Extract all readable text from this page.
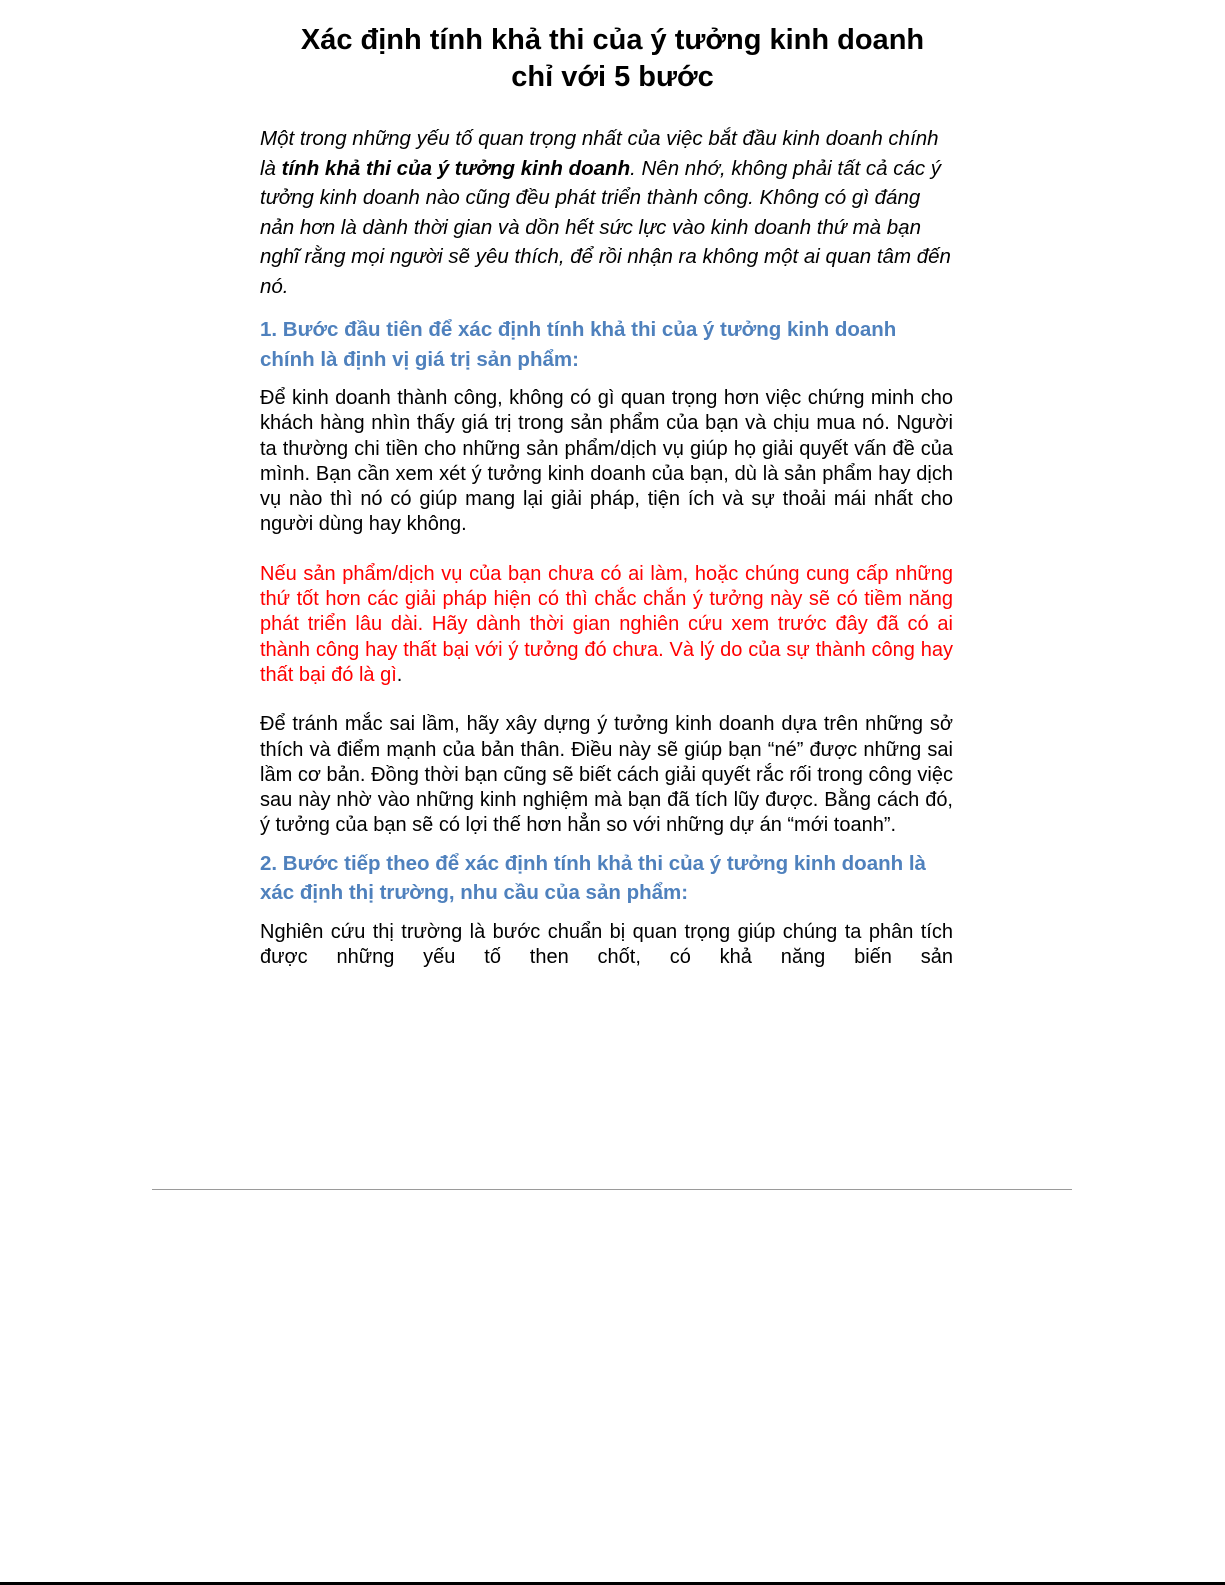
Xác định tính khả thi của ý tưởng kinh doanh
chỉ với 5 bước

Một trong những yếu tố quan trọng nhất của việc bắt đầu kinh doanh chính là tính khả thi của ý tưởng kinh doanh. Nên nhớ, không phải tất cả các ý tưởng kinh doanh nào cũng đều phát triển thành công. Không có gì đáng nản hơn là dành thời gian và dồn hết sức lực vào kinh doanh thứ mà bạn nghĩ rằng mọi người sẽ yêu thích, để rồi nhận ra không một ai quan tâm đến nó.

1. Bước đầu tiên để xác định tính khả thi của ý tưởng kinh doanh chính là định vị giá trị sản phẩm:

Để kinh doanh thành công, không có gì quan trọng hơn việc chứng minh cho khách hàng nhìn thấy giá trị trong sản phẩm của bạn và chịu mua nó. Người ta thường chi tiền cho những sản phẩm/dịch vụ giúp họ giải quyết vấn đề của mình. Bạn cần xem xét ý tưởng kinh doanh của bạn, dù là sản phẩm hay dịch vụ nào thì nó có giúp mang lại giải pháp, tiện ích và sự thoải mái nhất cho người dùng hay không.

Nếu sản phẩm/dịch vụ của bạn chưa có ai làm, hoặc chúng cung cấp những thứ tốt hơn các giải pháp hiện có thì chắc chắn ý tưởng này sẽ có tiềm năng phát triển lâu dài. Hãy dành thời gian nghiên cứu xem trước đây đã có ai thành công hay thất bại với ý tưởng đó chưa. Và lý do của sự thành công hay thất bại đó là gì.

Để tránh mắc sai lầm, hãy xây dựng ý tưởng kinh doanh dựa trên những sở thích và điểm mạnh của bản thân. Điều này sẽ giúp bạn “né” được những sai lầm cơ bản. Đồng thời bạn cũng sẽ biết cách giải quyết rắc rối trong công việc sau này nhờ vào những kinh nghiệm mà bạn đã tích lũy được. Bằng cách đó, ý tưởng của bạn sẽ có lợi thế hơn hẳn so với những dự án “mới toanh”.

2. Bước tiếp theo để xác định tính khả thi của ý tưởng kinh doanh là xác định thị trường, nhu cầu của sản phẩm:

Nghiên cứu thị trường là bước chuẩn bị quan trọng giúp chúng ta phân tích được những yếu tố then chốt, có khả năng biến sản
